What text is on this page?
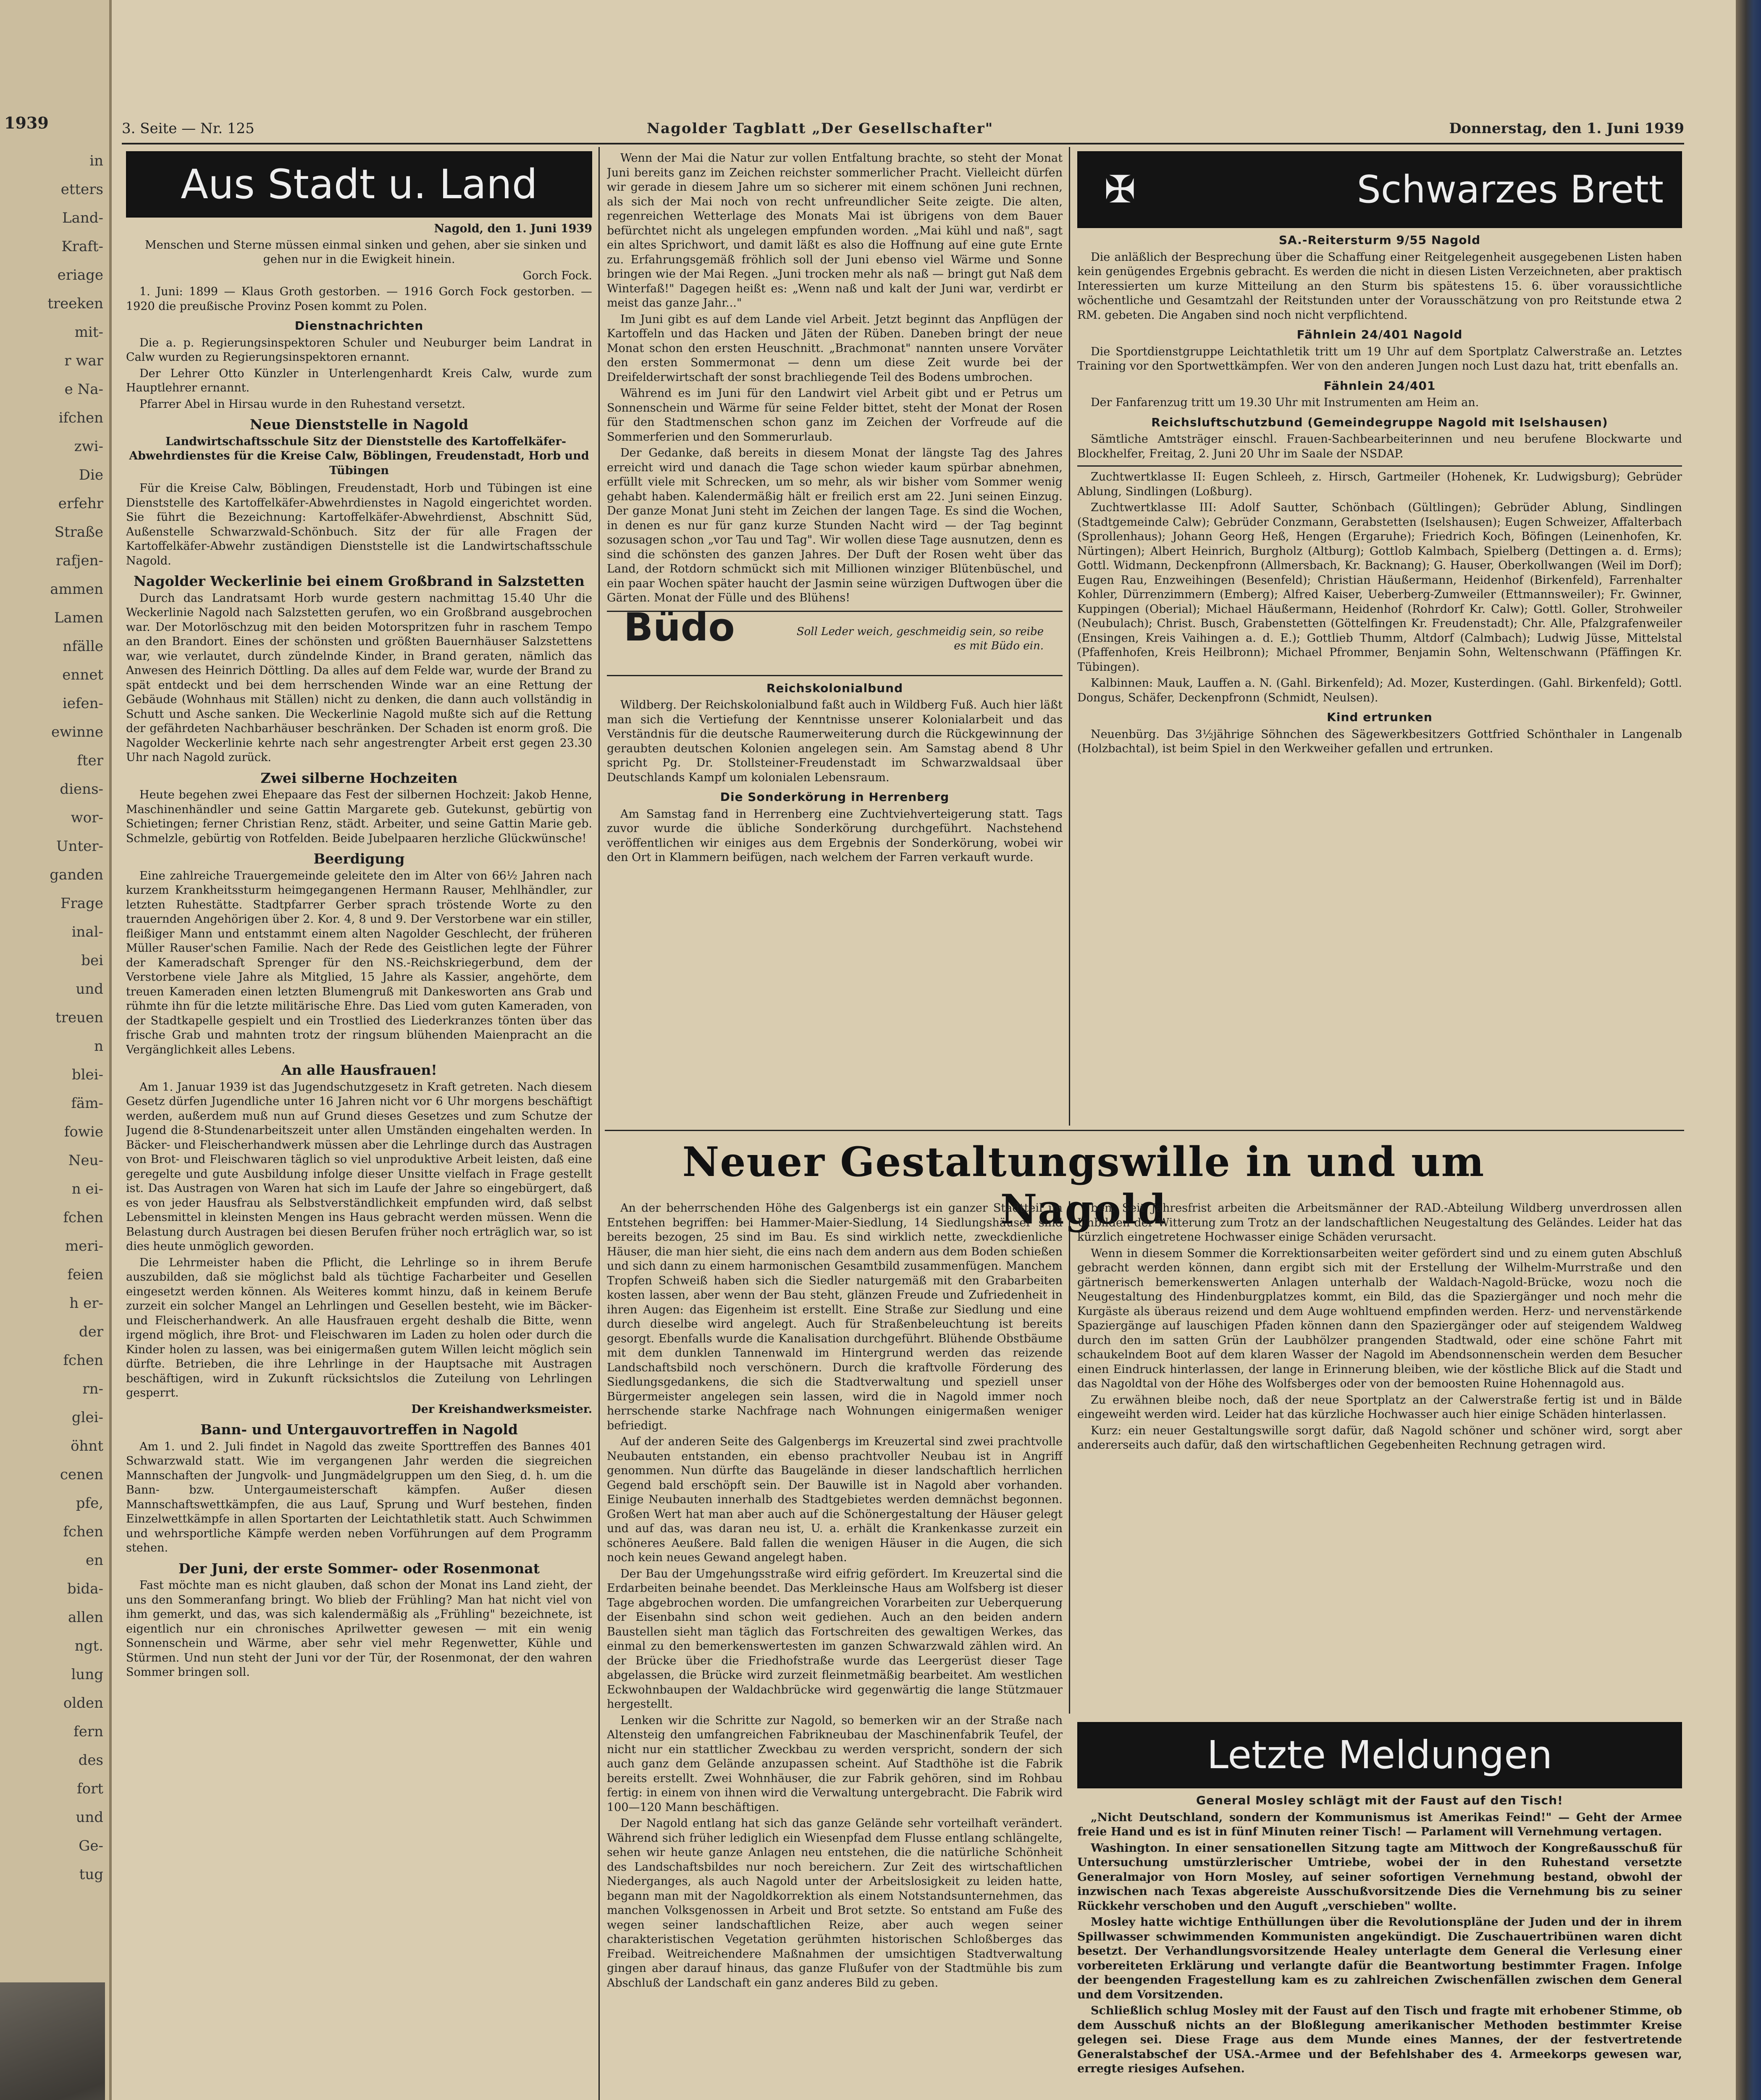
1939
in
etters
Land-
Kraft-
eriage
treeken
mit-
r war
e Na-
ifchen
zwi-
Die
erfehr
Straße
rafjen-
ammen
Lamen
nfälle
ennet
iefen-
ewinne
fter
diens-
wor-
Unter-
ganden
Frage
inal-
bei
und
treuen
n
blei-
fäm-
fowie
Neu-
n ei-
fchen
meri-
feien
h er-
der
fchen
rn-
glei-
öhnt
cenen
pfe,
fchen
en
bida-
allen
ngt.
lung
olden
fern
des
fort
und
Ge-
tug
3. Seite — Nr. 125	Nagolder Tagblatt „Der Gesellschafter"	Donnerstag, den 1. Juni 1939
Aus Stadt u. Land

Nagold, den 1. Juni 1939

Menschen und Sterne müssen einmal sinken und gehen, aber sie sinken und gehen nur in die Ewigkeit hinein.

Gorch Fock.

1. Juni: 1899 — Klaus Groth gestorben. — 1916 Gorch Fock gestorben. — 1920 die preußische Provinz Posen kommt zu Polen.

Dienstnachrichten

Die a. p. Regierungsinspektoren Schuler und Neuburger beim Landrat in Calw wurden zu Regierungsinspektoren ernannt.

Der Lehrer Otto Künzler in Unterlengenhardt Kreis Calw, wurde zum Hauptlehrer ernannt.

Pfarrer Abel in Hirsau wurde in den Ruhestand versetzt.

Neue Dienststelle in Nagold

Landwirtschaftsschule Sitz der Dienststelle des Kartoffelkäfer-Abwehrdienstes für die Kreise Calw, Böblingen, Freudenstadt, Horb und Tübingen

Für die Kreise Calw, Böblingen, Freudenstadt, Horb und Tübingen ist eine Dienststelle des Kartoffelkäfer-Abwehrdienstes in Nagold eingerichtet worden. Sie führt die Bezeichnung: Kartoffelkäfer-Abwehrdienst, Abschnitt Süd, Außenstelle Schwarzwald-Schönbuch. Sitz der für alle Fragen der Kartoffelkäfer-Abwehr zuständigen Dienststelle ist die Landwirtschaftsschule Nagold.

Nagolder Weckerlinie bei einem Großbrand in Salzstetten

Durch das Landratsamt Horb wurde gestern nachmittag 15.40 Uhr die Weckerlinie Nagold nach Salzstetten gerufen, wo ein Großbrand ausgebrochen war. Der Motorlöschzug mit den beiden Motorspritzen fuhr in raschem Tempo an den Brandort. Eines der schönsten und größten Bauernhäuser Salzstettens war, wie verlautet, durch zündelnde Kinder, in Brand geraten, nämlich das Anwesen des Heinrich Döttling. Da alles auf dem Felde war, wurde der Brand zu spät entdeckt und bei dem herrschenden Winde war an eine Rettung der Gebäude (Wohnhaus mit Ställen) nicht zu denken, die dann auch vollständig in Schutt und Asche sanken. Die Weckerlinie Nagold mußte sich auf die Rettung der gefährdeten Nachbarhäuser beschränken. Der Schaden ist enorm groß. Die Nagolder Weckerlinie kehrte nach sehr angestrengter Arbeit erst gegen 23.30 Uhr nach Nagold zurück.

Zwei silberne Hochzeiten

Heute begehen zwei Ehepaare das Fest der silbernen Hochzeit: Jakob Henne, Maschinenhändler und seine Gattin Margarete geb. Gutekunst, gebürtig von Schietingen; ferner Christian Renz, städt. Arbeiter, und seine Gattin Marie geb. Schmelzle, gebürtig von Rotfelden. Beide Jubelpaaren herzliche Glückwünsche!

Beerdigung

Eine zahlreiche Trauergemeinde geleitete den im Alter von 66½ Jahren nach kurzem Krankheitssturm heimgegangenen Hermann Rauser, Mehlhändler, zur letzten Ruhestätte. Stadtpfarrer Gerber sprach tröstende Worte zu den trauernden Angehörigen über 2. Kor. 4, 8 und 9. Der Verstorbene war ein stiller, fleißiger Mann und entstammt einem alten Nagolder Geschlecht, der früheren Müller Rauser'schen Familie. Nach der Rede des Geistlichen legte der Führer der Kameradschaft Sprenger für den NS.-Reichskriegerbund, dem der Verstorbene viele Jahre als Mitglied, 15 Jahre als Kassier, angehörte, dem treuen Kameraden einen letzten Blumengruß mit Dankesworten ans Grab und rühmte ihn für die letzte militärische Ehre. Das Lied vom guten Kameraden, von der Stadtkapelle gespielt und ein Trostlied des Liederkranzes tönten über das frische Grab und mahnten trotz der ringsum blühenden Maienpracht an die Vergänglichkeit alles Lebens.

An alle Hausfrauen!

Am 1. Januar 1939 ist das Jugendschutzgesetz in Kraft getreten. Nach diesem Gesetz dürfen Jugendliche unter 16 Jahren nicht vor 6 Uhr morgens beschäftigt werden, außerdem muß nun auf Grund dieses Gesetzes und zum Schutze der Jugend die 8-Stundenarbeitszeit unter allen Umständen eingehalten werden. In Bäcker- und Fleischerhandwerk müssen aber die Lehrlinge durch das Austragen von Brot- und Fleischwaren täglich so viel unproduktive Arbeit leisten, daß eine geregelte und gute Ausbildung infolge dieser Unsitte vielfach in Frage gestellt ist. Das Austragen von Waren hat sich im Laufe der Jahre so eingebürgert, daß es von jeder Hausfrau als Selbstverständlichkeit empfunden wird, daß selbst Lebensmittel in kleinsten Mengen ins Haus gebracht werden müssen. Wenn die Belastung durch Austragen bei diesen Berufen früher noch erträglich war, so ist dies heute unmöglich geworden.

Die Lehrmeister haben die Pflicht, die Lehrlinge so in ihrem Berufe auszubilden, daß sie möglichst bald als tüchtige Facharbeiter und Gesellen eingesetzt werden können. Als Weiteres kommt hinzu, daß in keinem Berufe zurzeit ein solcher Mangel an Lehrlingen und Gesellen besteht, wie im Bäcker- und Fleischerhandwerk. An alle Hausfrauen ergeht deshalb die Bitte, wenn irgend möglich, ihre Brot- und Fleischwaren im Laden zu holen oder durch die Kinder holen zu lassen, was bei einigermaßen gutem Willen leicht möglich sein dürfte. Betrieben, die ihre Lehrlinge in der Hauptsache mit Austragen beschäftigen, wird in Zukunft rücksichtslos die Zuteilung von Lehrlingen gesperrt.

Der Kreishandwerksmeister.

Bann- und Untergauvortreffen in Nagold

Am 1. und 2. Juli findet in Nagold das zweite Sporttreffen des Bannes 401 Schwarzwald statt. Wie im vergangenen Jahr werden die siegreichen Mannschaften der Jungvolk- und Jungmädelgruppen um den Sieg, d. h. um die Bann- bzw. Untergaumeisterschaft kämpfen. Außer diesen Mannschaftswettkämpfen, die aus Lauf, Sprung und Wurf bestehen, finden Einzelwettkämpfe in allen Sportarten der Leichtathletik statt. Auch Schwimmen und wehrsportliche Kämpfe werden neben Vorführungen auf dem Programm stehen.

Der Juni, der erste Sommer- oder Rosenmonat

Fast möchte man es nicht glauben, daß schon der Monat ins Land zieht, der uns den Sommeranfang bringt. Wo blieb der Frühling? Man hat nicht viel von ihm gemerkt, und das, was sich kalendermäßig als „Frühling" bezeichnete, ist eigentlich nur ein chronisches Aprilwetter gewesen — mit ein wenig Sonnenschein und Wärme, aber sehr viel mehr Regenwetter, Kühle und Stürmen. Und nun steht der Juni vor der Tür, der Rosenmonat, der den wahren Sommer bringen soll.

Wenn der Mai die Natur zur vollen Entfaltung brachte, so steht der Monat Juni bereits ganz im Zeichen reichster sommerlicher Pracht. Vielleicht dürfen wir gerade in diesem Jahre um so sicherer mit einem schönen Juni rechnen, als sich der Mai noch von recht unfreundlicher Seite zeigte. Die alten, regenreichen Wetterlage des Monats Mai ist übrigens von dem Bauer befürchtet nicht als ungelegen empfunden worden. „Mai kühl und naß", sagt ein altes Sprichwort, und damit läßt es also die Hoffnung auf eine gute Ernte zu. Erfahrungsgemäß fröhlich soll der Juni ebenso viel Wärme und Sonne bringen wie der Mai Regen. „Juni trocken mehr als naß — bringt gut Naß dem Winterfaß!" Dagegen heißt es: „Wenn naß und kalt der Juni war, verdirbt er meist das ganze Jahr..."

Im Juni gibt es auf dem Lande viel Arbeit. Jetzt beginnt das Anpflügen der Kartoffeln und das Hacken und Jäten der Rüben. Daneben bringt der neue Monat schon den ersten Heuschnitt. „Brachmonat" nannten unsere Vorväter den ersten Sommermonat — denn um diese Zeit wurde bei der Dreifelderwirtschaft der sonst brachliegende Teil des Bodens umbrochen.

Während es im Juni für den Landwirt viel Arbeit gibt und er Petrus um Sonnenschein und Wärme für seine Felder bittet, steht der Monat der Rosen für den Stadtmenschen schon ganz im Zeichen der Vorfreude auf die Sommerferien und den Sommerurlaub.

Der Gedanke, daß bereits in diesem Monat der längste Tag des Jahres erreicht wird und danach die Tage schon wieder kaum spürbar abnehmen, erfüllt viele mit Schrecken, um so mehr, als wir bisher vom Sommer wenig gehabt haben. Kalendermäßig hält er freilich erst am 22. Juni seinen Einzug. Der ganze Monat Juni steht im Zeichen der langen Tage. Es sind die Wochen, in denen es nur für ganz kurze Stunden Nacht wird — der Tag beginnt sozusagen schon „vor Tau und Tag". Wir wollen diese Tage ausnutzen, denn es sind die schönsten des ganzen Jahres. Der Duft der Rosen weht über das Land, der Rotdorn schmückt sich mit Millionen winziger Blütenbüschel, und ein paar Wochen später haucht der Jasmin seine würzigen Duftwogen über die Gärten. Monat der Fülle und des Blühens!

Büdo	Soll Leder weich, geschmeidig sein, so reibe es mit Büdo ein.
Reichskolonialbund

Wildberg. Der Reichskolonialbund faßt auch in Wildberg Fuß. Auch hier läßt man sich die Vertiefung der Kenntnisse unserer Kolonialarbeit und das Verständnis für die deutsche Raumerweiterung durch die Rückgewinnung der geraubten deutschen Kolonien angelegen sein. Am Samstag abend 8 Uhr spricht Pg. Dr. Stollsteiner-Freudenstadt im Schwarzwaldsaal über Deutschlands Kampf um kolonialen Lebensraum.

Die Sonderkörung in Herrenberg

Am Samstag fand in Herrenberg eine Zuchtviehverteigerung statt. Tags zuvor wurde die übliche Sonderkörung durchgeführt. Nachstehend veröffentlichen wir einiges aus dem Ergebnis der Sonderkörung, wobei wir den Ort in Klammern beifügen, nach welchem der Farren verkauft wurde.

✠	Schwarzes Brett
SA.-Reitersturm 9/55 Nagold

Die anläßlich der Besprechung über die Schaffung einer Reitgelegenheit ausgegebenen Listen haben kein genügendes Ergebnis gebracht. Es werden die nicht in diesen Listen Verzeichneten, aber praktisch Interessierten um kurze Mitteilung an den Sturm bis spätestens 15. 6. über voraussichtliche wöchentliche und Gesamtzahl der Reitstunden unter der Vorausschätzung von pro Reitstunde etwa 2 RM. gebeten. Die Angaben sind noch nicht verpflichtend.

Fähnlein 24/401 Nagold

Die Sportdienstgruppe Leichtathletik tritt um 19 Uhr auf dem Sportplatz Calwerstraße an. Letztes Training vor den Sportwettkämpfen. Wer von den anderen Jungen noch Lust dazu hat, tritt ebenfalls an.

Fähnlein 24/401

Der Fanfarenzug tritt um 19.30 Uhr mit Instrumenten am Heim an.

Reichsluftschutzbund (Gemeindegruppe Nagold mit Iselshausen)

Sämtliche Amtsträger einschl. Frauen-Sachbearbeiterinnen und neu berufene Blockwarte und Blockhelfer, Freitag, 2. Juni 20 Uhr im Saale der NSDAP.

Zuchtwertklasse II: Eugen Schleeh, z. Hirsch, Gartmeiler (Hohenek, Kr. Ludwigsburg); Gebrüder Ablung, Sindlingen (Loßburg).

Zuchtwertklasse III: Adolf Sautter, Schönbach (Gültlingen); Gebrüder Ablung, Sindlingen (Stadtgemeinde Calw); Gebrüder Conzmann, Gerabstetten (Iselshausen); Eugen Schweizer, Affalterbach (Sprollenhaus); Johann Georg Heß, Hengen (Ergaruhe); Friedrich Koch, Böfingen (Leinenhofen, Kr. Nürtingen); Albert Heinrich, Burgholz (Altburg); Gottlob Kalmbach, Spielberg (Dettingen a. d. Erms); Gottl. Widmann, Deckenpfronn (Allmersbach, Kr. Backnang); G. Hauser, Oberkollwangen (Weil im Dorf); Eugen Rau, Enzweihingen (Besenfeld); Christian Häußermann, Heidenhof (Birkenfeld), Farrenhalter Kohler, Dürrenzimmern (Emberg); Alfred Kaiser, Ueberberg-Zumweiler (Ettmannsweiler); Fr. Gwinner, Kuppingen (Oberial); Michael Häußermann, Heidenhof (Rohrdorf Kr. Calw); Gottl. Goller, Strohweiler (Neubulach); Christ. Busch, Grabenstetten (Göttelfingen Kr. Freudenstadt); Chr. Alle, Pfalzgrafenweiler (Ensingen, Kreis Vaihingen a. d. E.); Gottlieb Thumm, Altdorf (Calmbach); Ludwig Jüsse, Mittelstal (Pfaffenhofen, Kreis Heilbronn); Michael Pfrommer, Benjamin Sohn, Weltenschwann (Pfäffingen Kr. Tübingen).

Kalbinnen: Mauk, Lauffen a. N. (Gahl. Birkenfeld); Ad. Mozer, Kusterdingen. (Gahl. Birkenfeld); Gottl. Dongus, Schäfer, Deckenpfronn (Schmidt, Neulsen).

Kind ertrunken

Neuenbürg. Das 3½jährige Söhnchen des Sägewerkbesitzers Gottfried Schönthaler in Langenalb (Holzbachtal), ist beim Spiel in den Werkweiher gefallen und ertrunken.

Neuer Gestaltungswille in und um Nagold

An der beherrschenden Höhe des Galgenbergs ist ein ganzer Stadtteil im Entstehen begriffen: bei Hammer-Maier-Siedlung, 14 Siedlungshäuser sind bereits bezogen, 25 sind im Bau. Es sind wirklich nette, zweckdienliche Häuser, die man hier sieht, die eins nach dem andern aus dem Boden schießen und sich dann zu einem harmonischen Gesamtbild zusammenfügen. Manchem Tropfen Schweiß haben sich die Siedler naturgemäß mit den Grabarbeiten kosten lassen, aber wenn der Bau steht, glänzen Freude und Zufriedenheit in ihren Augen: das Eigenheim ist erstellt. Eine Straße zur Siedlung und eine durch dieselbe wird angelegt. Auch für Straßenbeleuchtung ist bereits gesorgt. Ebenfalls wurde die Kanalisation durchgeführt. Blühende Obstbäume mit dem dunklen Tannenwald im Hintergrund werden das reizende Landschaftsbild noch verschönern. Durch die kraftvolle Förderung des Siedlungsgedankens, die sich die Stadtverwaltung und speziell unser Bürgermeister angelegen sein lassen, wird die in Nagold immer noch herrschende starke Nachfrage nach Wohnungen einigermaßen weniger befriedigt.

Auf der anderen Seite des Galgenbergs im Kreuzertal sind zwei prachtvolle Neubauten entstanden, ein ebenso prachtvoller Neubau ist in Angriff genommen. Nun dürfte das Baugelände in dieser landschaftlich herrlichen Gegend bald erschöpft sein. Der Bauwille ist in Nagold aber vorhanden. Einige Neubauten innerhalb des Stadtgebietes werden demnächst begonnen. Großen Wert hat man aber auch auf die Schönergestaltung der Häuser gelegt und auf das, was daran neu ist, U. a. erhält die Krankenkasse zurzeit ein schöneres Aeußere. Bald fallen die wenigen Häuser in die Augen, die sich noch kein neues Gewand angelegt haben.

Der Bau der Umgehungsstraße wird eifrig gefördert. Im Kreuzertal sind die Erdarbeiten beinahe beendet. Das Merkleinsche Haus am Wolfsberg ist dieser Tage abgebrochen worden. Die umfangreichen Vorarbeiten zur Ueberquerung der Eisenbahn sind schon weit gediehen. Auch an den beiden andern Baustellen sieht man täglich das Fortschreiten des gewaltigen Werkes, das einmal zu den bemerkenswertesten im ganzen Schwarzwald zählen wird. An der Brücke über die Friedhofstraße wurde das Leergerüst dieser Tage abgelassen, die Brücke wird zurzeit fleinmetmäßig bearbeitet. Am westlichen Eckwohnbaupen der Waldachbrücke wird gegenwärtig die lange Stützmauer hergestellt.

Lenken wir die Schritte zur Nagold, so bemerken wir an der Straße nach Altensteig den umfangreichen Fabrikneubau der Maschinenfabrik Teufel, der nicht nur ein stattlicher Zweckbau zu werden verspricht, sondern der sich auch ganz dem Gelände anzupassen scheint. Auf Stadthöhe ist die Fabrik bereits erstellt. Zwei Wohnhäuser, die zur Fabrik gehören, sind im Rohbau fertig: in einem von ihnen wird die Verwaltung untergebracht. Die Fabrik wird 100—120 Mann beschäftigen.

Der Nagold entlang hat sich das ganze Gelände sehr vorteilhaft verändert. Während sich früher lediglich ein Wiesenpfad dem Flusse entlang schlängelte, sehen wir heute ganze Anlagen neu entstehen, die die natürliche Schönheit des Landschaftsbildes nur noch bereichern. Zur Zeit des wirtschaftlichen Niederganges, als auch Nagold unter der Arbeitslosigkeit zu leiden hatte, begann man mit der Nagoldkorrektion als einem Notstandsunternehmen, das manchen Volksgenossen in Arbeit und Brot setzte. So entstand am Fuße des wegen seiner landschaftlichen Reize, aber auch wegen seiner charakteristischen Vegetation gerühmten historischen Schloßberges das Freibad. Weitreichendere Maßnahmen der umsichtigen Stadtverwaltung gingen aber darauf hinaus, das ganze Flußufer von der Stadtmühle bis zum Abschluß der Landschaft ein ganz anderes Bild zu geben.

ben. Seit Jahresfrist arbeiten die Arbeitsmänner der RAD.-Abteilung Wildberg unverdrossen allen Unbilden der Witterung zum Trotz an der landschaftlichen Neugestaltung des Geländes. Leider hat das kürzlich eingetretene Hochwasser einige Schäden verursacht.

Wenn in diesem Sommer die Korrektionsarbeiten weiter gefördert sind und zu einem guten Abschluß gebracht werden können, dann ergibt sich mit der Erstellung der Wilhelm-Murrstraße und den gärtnerisch bemerkenswerten Anlagen unterhalb der Waldach-Nagold-Brücke, wozu noch die Neugestaltung des Hindenburgplatzes kommt, ein Bild, das die Spaziergänger und noch mehr die Kurgäste als überaus reizend und dem Auge wohltuend empfinden werden. Herz- und nervenstärkende Spaziergänge auf lauschigen Pfaden können dann den Spaziergänger oder auf steigendem Waldweg durch den im satten Grün der Laubhölzer prangenden Stadtwald, oder eine schöne Fahrt mit schaukelndem Boot auf dem klaren Wasser der Nagold im Abendsonnenschein werden dem Besucher einen Eindruck hinterlassen, der lange in Erinnerung bleiben, wie der köstliche Blick auf die Stadt und das Nagoldtal von der Höhe des Wolfsberges oder von der bemoosten Ruine Hohennagold aus.

Zu erwähnen bleibe noch, daß der neue Sportplatz an der Calwerstraße fertig ist und in Bälde eingeweiht werden wird. Leider hat das kürzliche Hochwasser auch hier einige Schäden hinterlassen.

Kurz: ein neuer Gestaltungswille sorgt dafür, daß Nagold schöner und schöner wird, sorgt aber andererseits auch dafür, daß den wirtschaftlichen Gegebenheiten Rechnung getragen wird.

Letzte Meldungen
General Mosley schlägt mit der Faust auf den Tisch!

„Nicht Deutschland, sondern der Kommunismus ist Amerikas Feind!" — Geht der Armee freie Hand und es ist in fünf Minuten reiner Tisch! — Parlament will Vernehmung vertagen.

Washington. In einer sensationellen Sitzung tagte am Mittwoch der Kongreßausschuß für Untersuchung umstürzlerischer Umtriebe, wobei der in den Ruhestand versetzte Generalmajor von Horn Mosley, auf seiner sofortigen Vernehmung bestand, obwohl der inzwischen nach Texas abgereiste Ausschußvorsitzende Dies die Vernehmung bis zu seiner Rückkehr verschoben und den Auguft „verschieben" wollte.

Mosley hatte wichtige Enthüllungen über die Revolutionspläne der Juden und der in ihrem Spillwasser schwimmenden Kommunisten angekündigt. Die Zuschauertribünen waren dicht besetzt. Der Verhandlungsvorsitzende Healey unterlagte dem General die Verlesung einer vorbereiteten Erklärung und verlangte dafür die Beantwortung bestimmter Fragen. Infolge der beengenden Fragestellung kam es zu zahlreichen Zwischenfällen zwischen dem General und dem Vorsitzenden.

Schließlich schlug Mosley mit der Faust auf den Tisch und fragte mit erhobener Stimme, ob dem Ausschuß nichts an der Bloßlegung amerikanischer Methoden bestimmter Kreise gelegen sei. Diese Frage aus dem Munde eines Mannes, der der festvertretende Generalstabschef der USA.-Armee und der Befehlshaber des 4. Armeekorps gewesen war, erregte riesiges Aufsehen.
